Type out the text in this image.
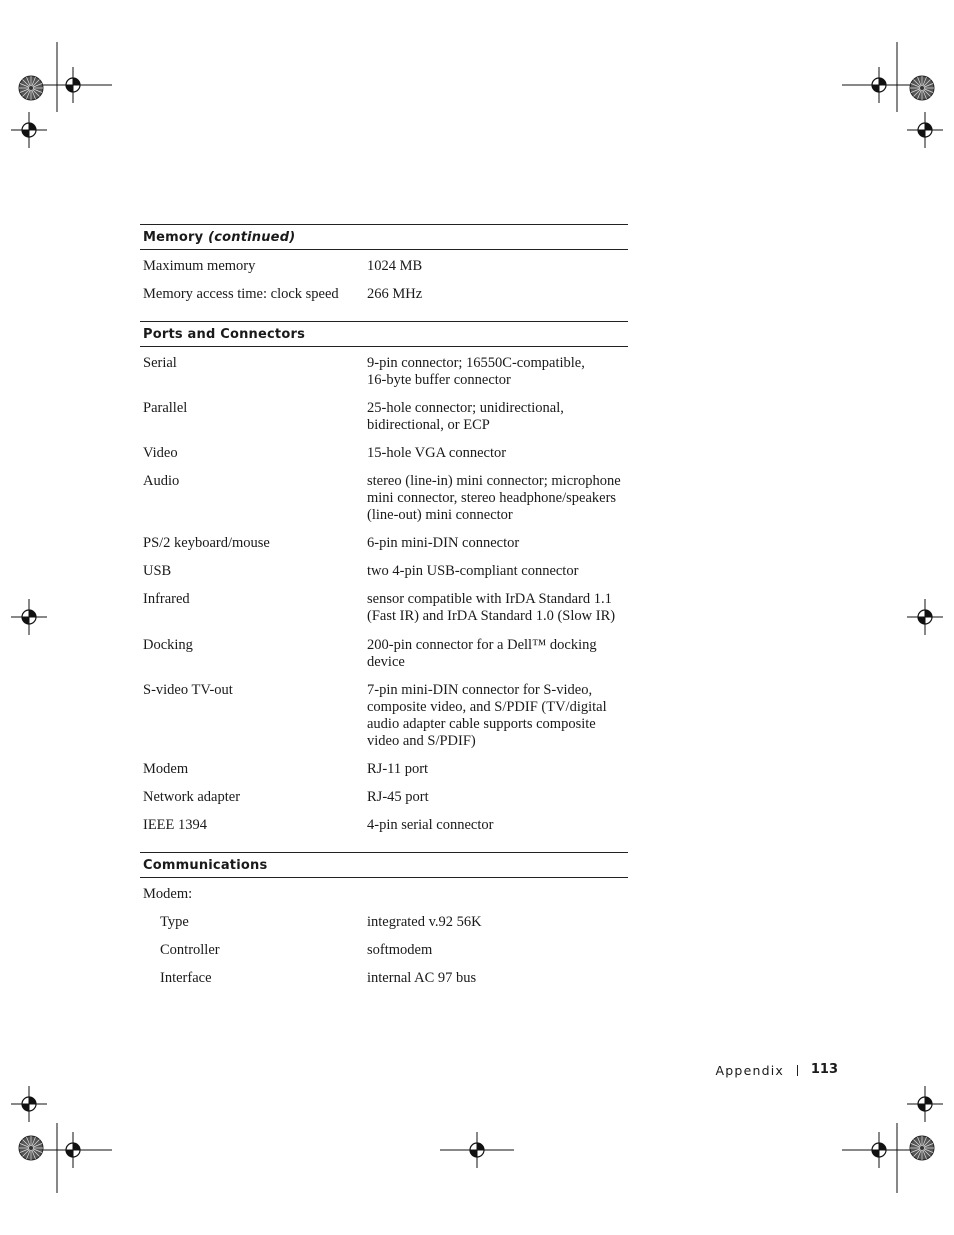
Memory (continued)
Maximum memory	1024 MB
Memory access time: clock speed 266 MHz
Ports and Connectors
Serial	9-pin connector; 16550C-compatible,
16-byte buffer connector
Parallel	25-hole connector; unidirectional,
bidirectional, or ECP
Video	15-hole VGA connector
Audio	stereo (line-in) mini connector; microphone
mini connector, stereo headphone/speakers
(line-out) mini connector
PS/2 keyboard/mouse	6-pin mini-DIN connector
USB	two 4-pin USB-compliant connector
Infrared	sensor compatible with IrDA Standard 1.1
(Fast IR) and IrDA Standard 1.0 (Slow IR)
Docking	200-pin connector for a Dell™ docking
device
S-video TV-out	7-pin mini-DIN connector for S-video,
composite video, and S/PDIF (TV/digital
audio adapter cable supports composite
video and S/PDIF)
Modem	RJ-11 port
Network adapter	RJ-45 port
IEEE 1394	4-pin serial connector
Communications
Modem:
Type	integrated v.92 56K
Controller	softmodem
Interface	internal AC 97 bus
Appendix 113
